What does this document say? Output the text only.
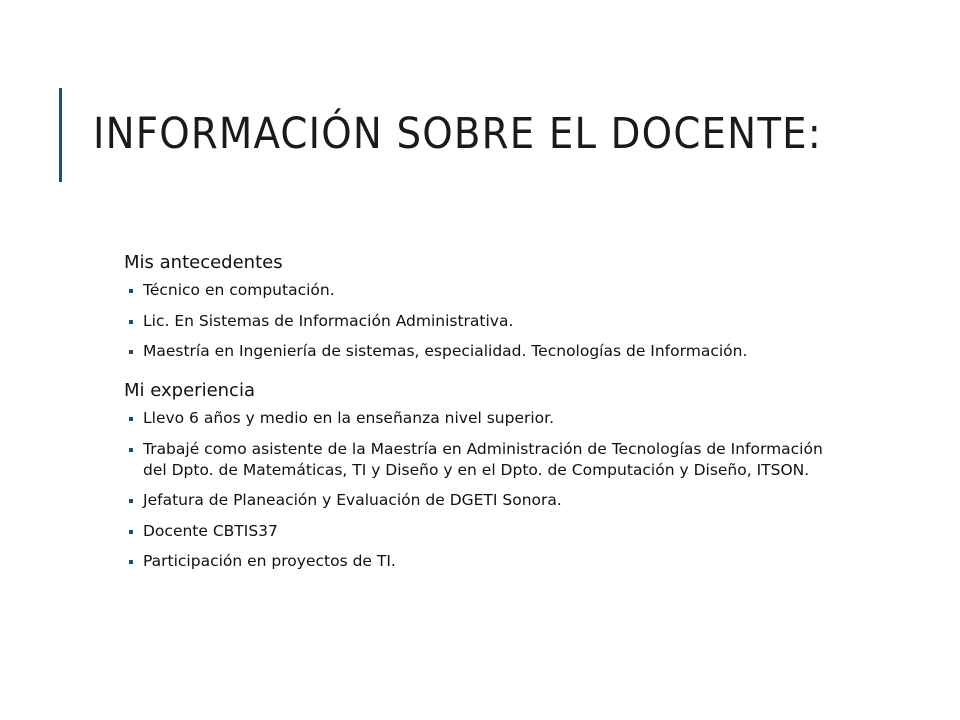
INFORMACIÓN SOBRE EL DOCENTE:

Mis antecedentes

Técnico en computación.
Lic. En Sistemas de Información Administrativa.
Maestría en Ingeniería de sistemas, especialidad. Tecnologías de Información.

Mi experiencia

Llevo 6 años y medio en la enseñanza nivel superior.
Trabajé como asistente de la Maestría en Administración de Tecnologías de Información del Dpto. de Matemáticas, TI y Diseño y en el Dpto. de Computación y Diseño, ITSON.
Jefatura de Planeación y Evaluación de DGETI Sonora.
Docente CBTIS37
Participación en proyectos de TI.
